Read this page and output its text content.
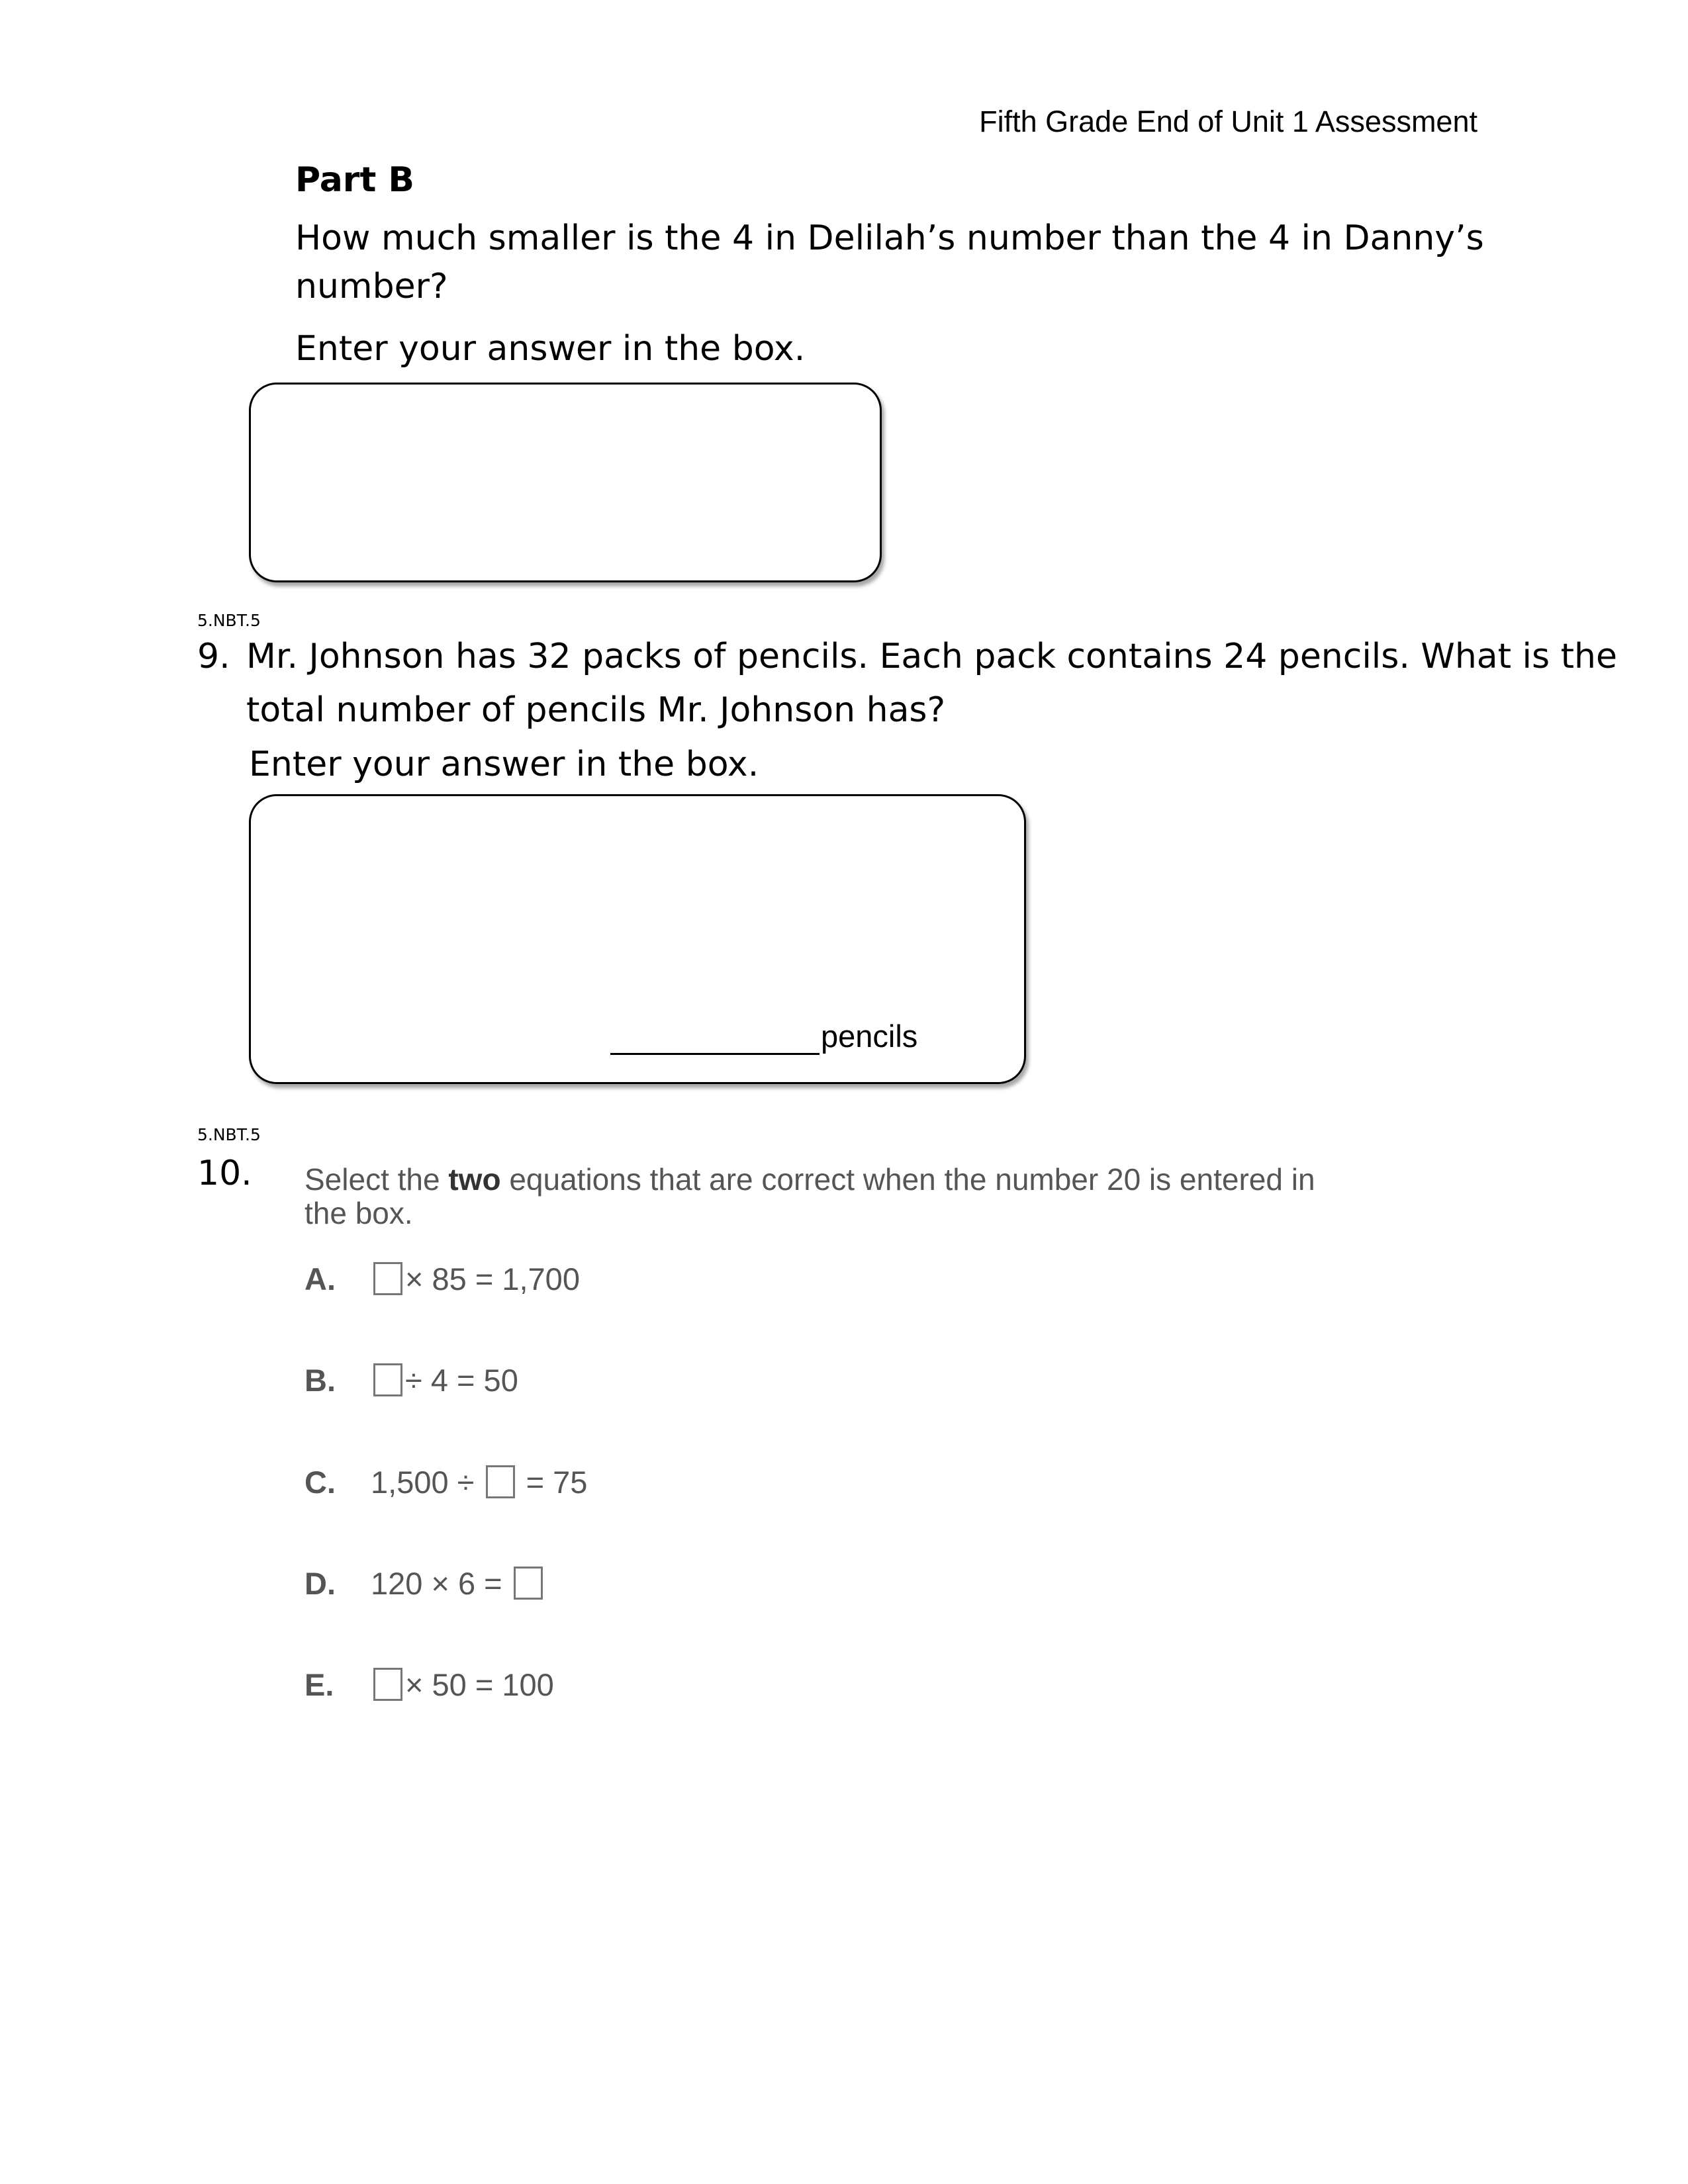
Fifth Grade End of Unit 1 Assessment
Part B
How much smaller is the 4 in Delilah’s number than the 4 in Danny’s
number?
Enter your answer in the box.
5.NBT.5
9. Mr. Johnson has 32 packs of pencils. Each pack contains 24 pencils. What is the
total number of pencils Mr. Johnson has?
Enter your answer in the box.
pencils
5.NBT.5
10. Select the two equations that are correct when the number 20 is entered in
the box.
A.	× 85 = 1,700
B.	÷ 4 = 50
C.	1,500 ÷ = 75
D.	120 × 6 =
E.	× 50 = 100
